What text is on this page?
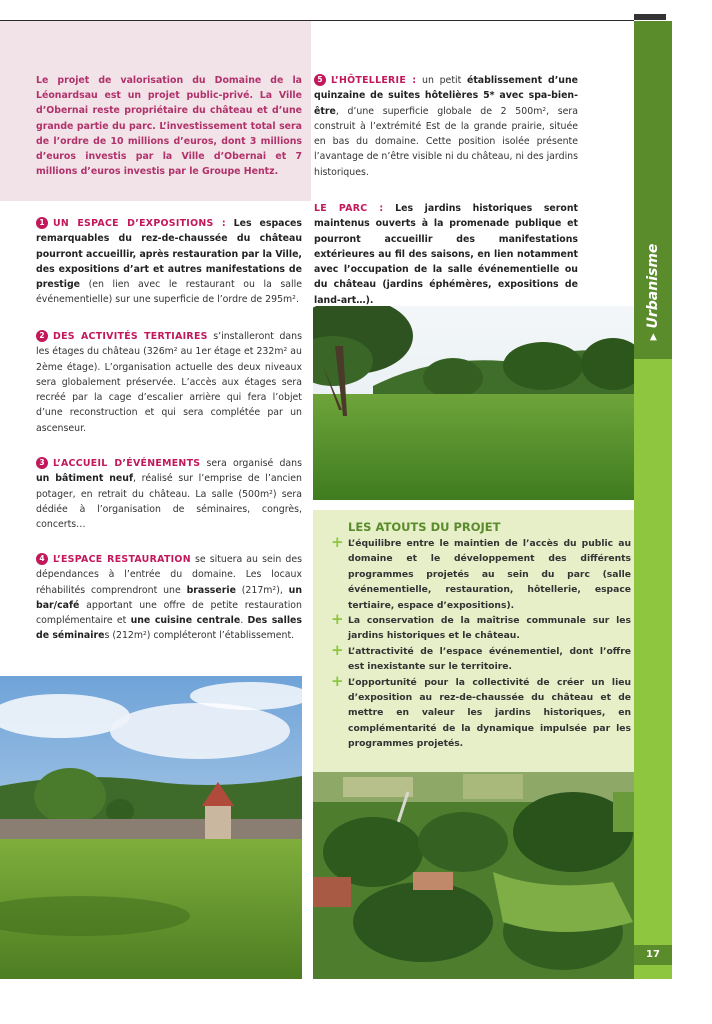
Le projet de valorisation du Domaine de la Léonardsau est un projet public-privé. La Ville d’Obernai reste propriétaire du château et d’une grande partie du parc. L’investissement total sera de l’ordre de 10 millions d’euros, dont 3 millions d’euros investis par la Ville d’Obernai et 7 millions d’euros investis par le Groupe Hentz.

1 UN ESPACE D’EXPOSITIONS : Les espaces remarquables du rez-de-chaussée du château pourront accueillir, après restauration par la Ville, des expositions d’art et autres manifestations de prestige (en lien avec le restaurant ou la salle événementielle) sur une superficie de l’ordre de 295m².

2 DES ACTIVITÉS TERTIAIRES s’installeront dans les étages du château (326m² au 1er étage et 232m² au 2ème étage). L’organisation actuelle des deux niveaux sera globalement préservée. L’accès aux étages sera recréé par la cage d’escalier arrière qui fera l’objet d’une reconstruction et qui sera complétée par un ascenseur.

3 L’ACCUEIL D’ÉVÉNEMENTS sera organisé dans un bâtiment neuf, réalisé sur l’emprise de l’ancien potager, en retrait du château. La salle (500m²) sera dédiée à l’organisation de séminaires, congrès, concerts…

4 L’ESPACE RESTAURATION se situera au sein des dépendances à l’entrée du domaine. Les locaux réhabilités comprendront une brasserie (217m²), un bar/café apportant une offre de petite restauration complémentaire et une cuisine centrale. Des salles de séminaires (212m²) compléteront l’établissement.

5 L’HÔTELLERIE : un petit établissement d’une quinzaine de suites hôtelières 5* avec spa-bien-être, d’une superficie globale de 2 500m², sera construit à l’extrémité Est de la grande prairie, située en bas du domaine. Cette position isolée présente l’avantage de n’être visible ni du château, ni des jardins historiques.

LE PARC : Les jardins historiques seront maintenus ouverts à la promenade publique et pourront accueillir des manifestations extérieures au fil des saisons, en lien notamment avec l’occupation de la salle événementielle ou du château (jardins éphémères, expositions de land-art…).

LES ATOUTS DU PROJET
+ L’équilibre entre le maintien de l’accès du public au domaine et le développement des différents programmes projetés au sein du parc (salle événementielle, restauration, hôtellerie, espace tertiaire, espace d’expositions).
+ La conservation de la maîtrise communale sur les jardins historiques et le château.
+ L’attractivité de l’espace événementiel, dont l’offre est inexistante sur le territoire.
+ L’opportunité pour la collectivité de créer un lieu d’exposition au rez-de-chaussée du château et de mettre en valeur les jardins historiques, en complémentarité de la dynamique impulsée par les programmes projetés.
▸ Urbanisme
17
